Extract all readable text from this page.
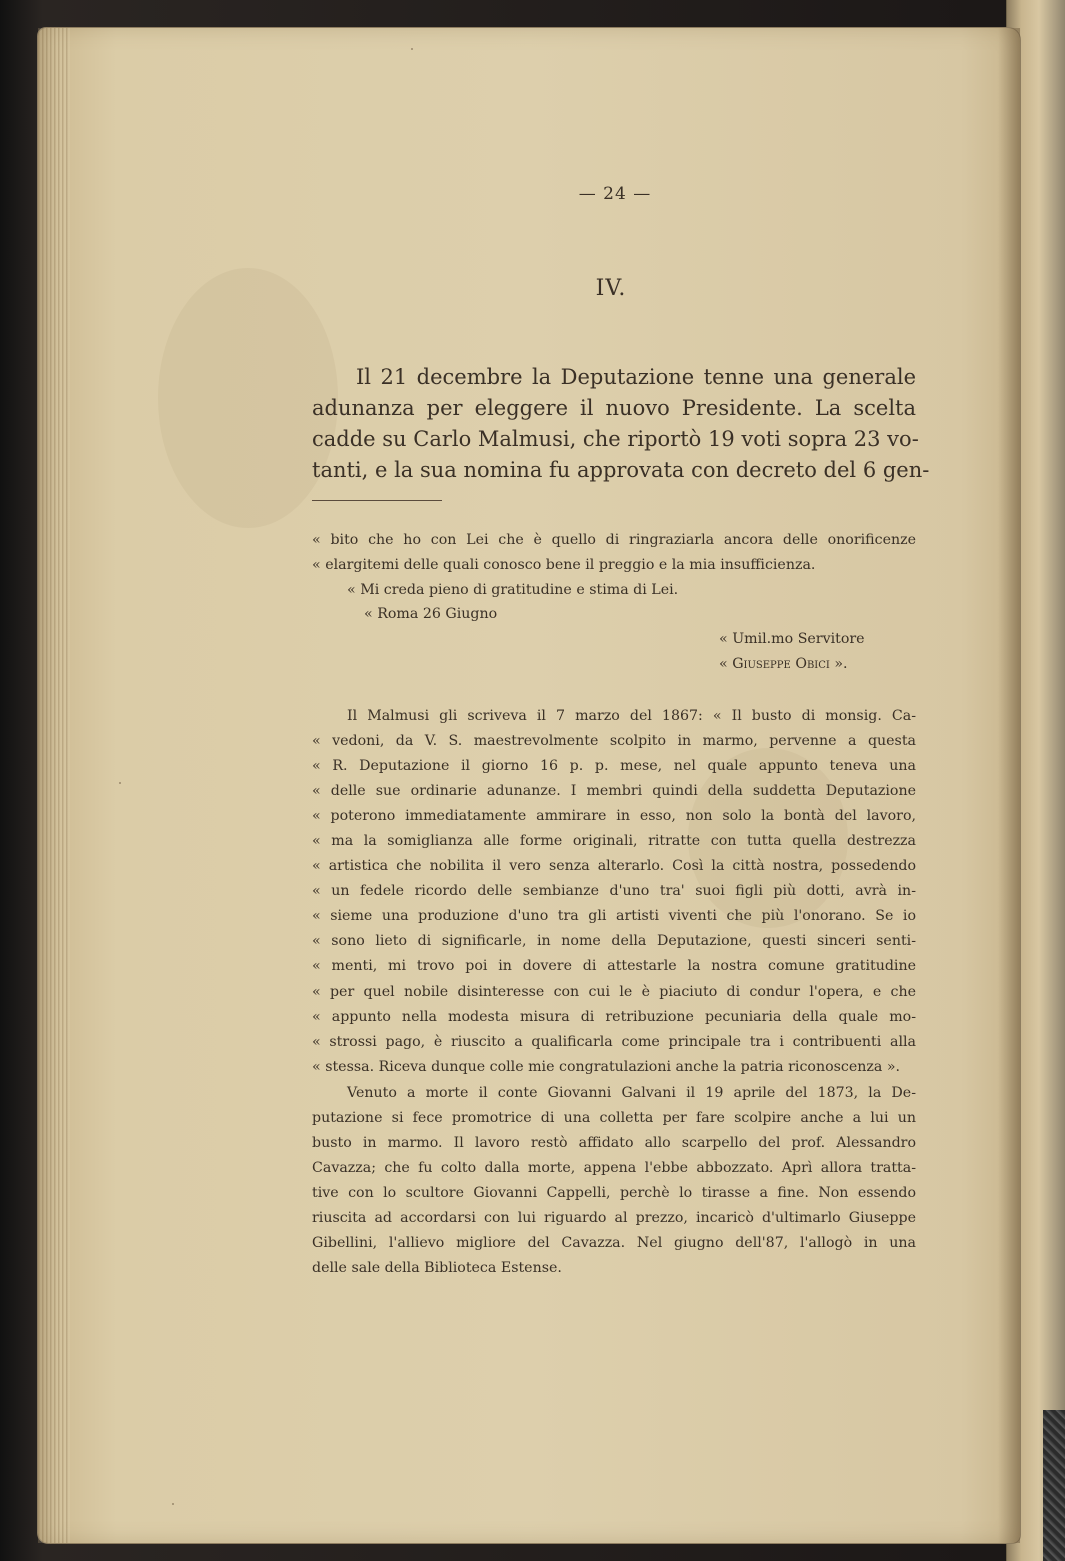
— 24 —
IV.
Il 21 decembre la Deputazione tenne una generale
adunanza per eleggere il nuovo Presidente. La scelta
cadde su Carlo Malmusi, che riportò 19 voti sopra 23 vo-
tanti, e la sua nomina fu approvata con decreto del 6 gen-
« bito che ho con Lei che è quello di ringraziarla ancora delle onorificenze
« elargitemi delle quali conosco bene il preggio e la mia insufficienza.
« Mi creda pieno di gratitudine e stima di Lei.
« Roma 26 Giugno
« Umil.mo Servitore
« Giuseppe Obici ».
Il Malmusi gli scriveva il 7 marzo del 1867: « Il busto di monsig. Ca-
« vedoni, da V. S. maestrevolmente scolpito in marmo, pervenne a questa
« R. Deputazione il giorno 16 p. p. mese, nel quale appunto teneva una
« delle sue ordinarie adunanze. I membri quindi della suddetta Deputazione
« poterono immediatamente ammirare in esso, non solo la bontà del lavoro,
« ma la somiglianza alle forme originali, ritratte con tutta quella destrezza
« artistica che nobilita il vero senza alterarlo. Così la città nostra, possedendo
« un fedele ricordo delle sembianze d'uno tra' suoi figli più dotti, avrà in-
« sieme una produzione d'uno tra gli artisti viventi che più l'onorano. Se io
« sono lieto di significarle, in nome della Deputazione, questi sinceri senti-
« menti, mi trovo poi in dovere di attestarle la nostra comune gratitudine
« per quel nobile disinteresse con cui le è piaciuto di condur l'opera, e che
« appunto nella modesta misura di retribuzione pecuniaria della quale mo-
« strossi pago, è riuscito a qualificarla come principale tra i contribuenti alla
« stessa. Riceva dunque colle mie congratulazioni anche la patria riconoscenza ».
Venuto a morte il conte Giovanni Galvani il 19 aprile del 1873, la De-
putazione si fece promotrice di una colletta per fare scolpire anche a lui un
busto in marmo. Il lavoro restò affidato allo scarpello del prof. Alessandro
Cavazza; che fu colto dalla morte, appena l'ebbe abbozzato. Aprì allora tratta-
tive con lo scultore Giovanni Cappelli, perchè lo tirasse a fine. Non essendo
riuscita ad accordarsi con lui riguardo al prezzo, incaricò d'ultimarlo Giuseppe
Gibellini, l'allievo migliore del Cavazza. Nel giugno dell'87, l'allogò in una
delle sale della Biblioteca Estense.
